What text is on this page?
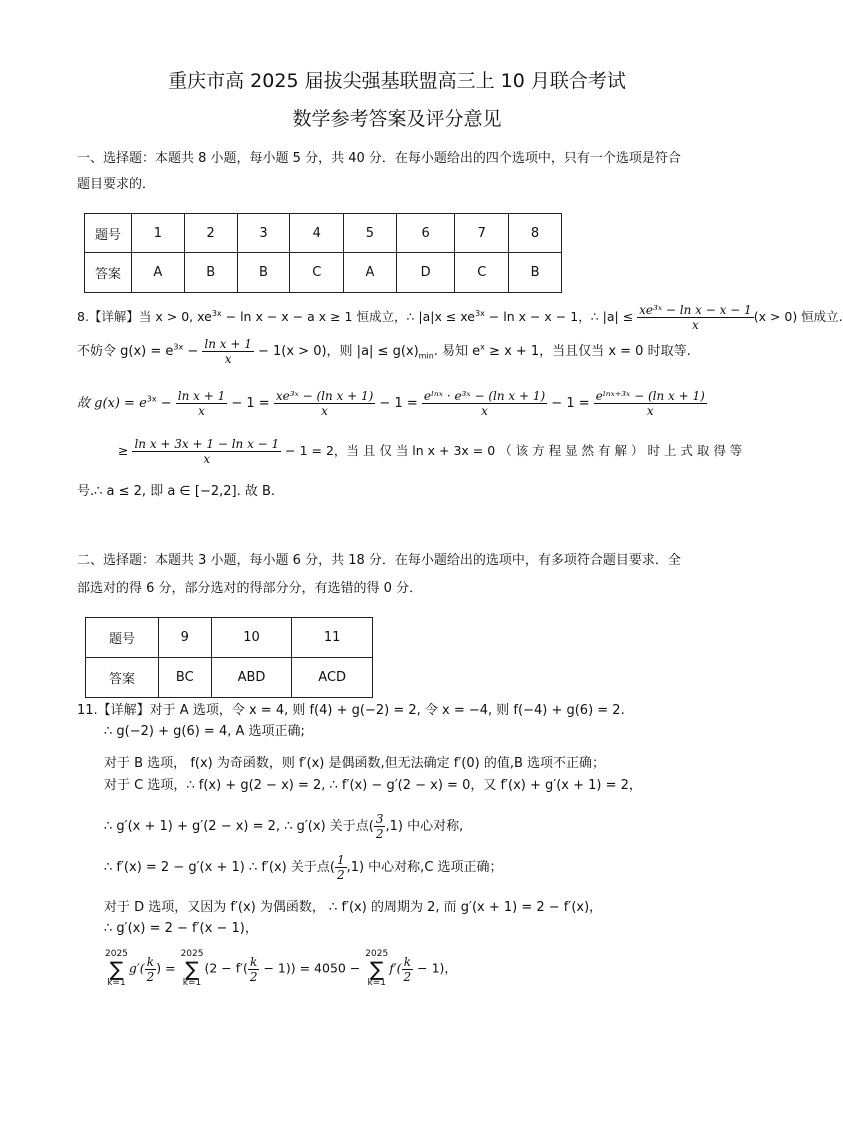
重庆市高 2025 届拔尖强基联盟高三上 10 月联合考试
数学参考答案及评分意见
一、选择题：本题共 8 小题，每小题 5 分，共 40 分．在每小题给出的四个选项中，只有一个选项是符合
题目要求的．
题号	1	2	3	4	5	6	7	8
答案	A	B	B	C	A	D	C	B
8.【详解】当 x > 0, $xe^{3x} - \ln x - x - a$ x ≥ 1 恒成立，∴ $|a|x \le xe^{3x} - \ln x - x - 1$，∴ $|a| \le \frac{\text{xe³ˣ − ln x − x − 1}}{x} (x > 0)$ 恒成立.
不妨令 $g(x) = e^{3x} - \frac{\text{ln x + 1}}{x} - 1(x > 0)$，则 $|a| \le g(x)_{min}$. 易知 $e^x \ge x + 1$，当且仅当 x = 0 时取等.
故 $g(x) = e^{3x} - \frac{\text{ln x + 1}}{x} - 1 = \frac{\text{xe³ˣ − (ln x + 1)}}{x} - 1 = \frac{\text{eˡⁿˣ · e³ˣ − (ln x + 1)}}{x} - 1 = \frac{\text{eˡⁿˣ⁺³ˣ − (ln x + 1)}}{x}$
≥ $\frac{\text{ln x + 3x + 1 − ln x − 1}}{x} - 1 = 2$，当 且 仅 当 ln x + 3x = 0 （ 该 方 程 显 然 有 解 ） 时 上 式 取 得 等
号.∴ a ≤ 2, 即 a ∈ [−2,2]. 故 B.
二、选择题：本题共 3 小题，每小题 6 分，共 18 分．在每小题给出的选项中，有多项符合题目要求．全
部选对的得 6 分，部分选对的得部分分，有选错的得 0 分．
题号	9	10	11
答案	BC	ABD	ACD
11.【详解】对于 A 选项，令 x = 4, 则 f(4) + g(−2) = 2, 令 x = −4, 则 f(−4) + g(6) = 2.
∴ g(−2) + g(6) = 4, A 选项正确;
对于 B 选项， f(x) 为奇函数，则 f′(x) 是偶函数,但无法确定 f′(0) 的值,B 选项不正确；
对于 C 选项，∴ f(x) + g(2 − x) = 2, ∴ f′(x) − g′(2 − x) = 0，又 f′(x) + g′(x + 1) = 2，
∴ g′(x + 1) + g′(2 − x) = 2, ∴ g′(x) 关于点( $\frac{3}{2} ,1$) 中心对称,
∴ f′(x) = 2 − g′(x + 1) ∴ f′(x) 关于点( $\frac{1}{2} ,1$) 中心对称,C 选项正确；
对于 D 选项，又因为 f′(x) 为偶函数， ∴ f′(x) 的周期为 2, 而 g′(x + 1) = 2 − f′(x)，
∴ g′(x) = 2 − f′(x − 1)，
2025
∑
k=1
$g'( \frac{k}{2}$ ) =
2025
∑
k=1
$(2 - f'( \frac{k}{2} - 1)) = 4050$ −
2025
∑
k=1
$f'( \frac{k}{2} - 1)$，
